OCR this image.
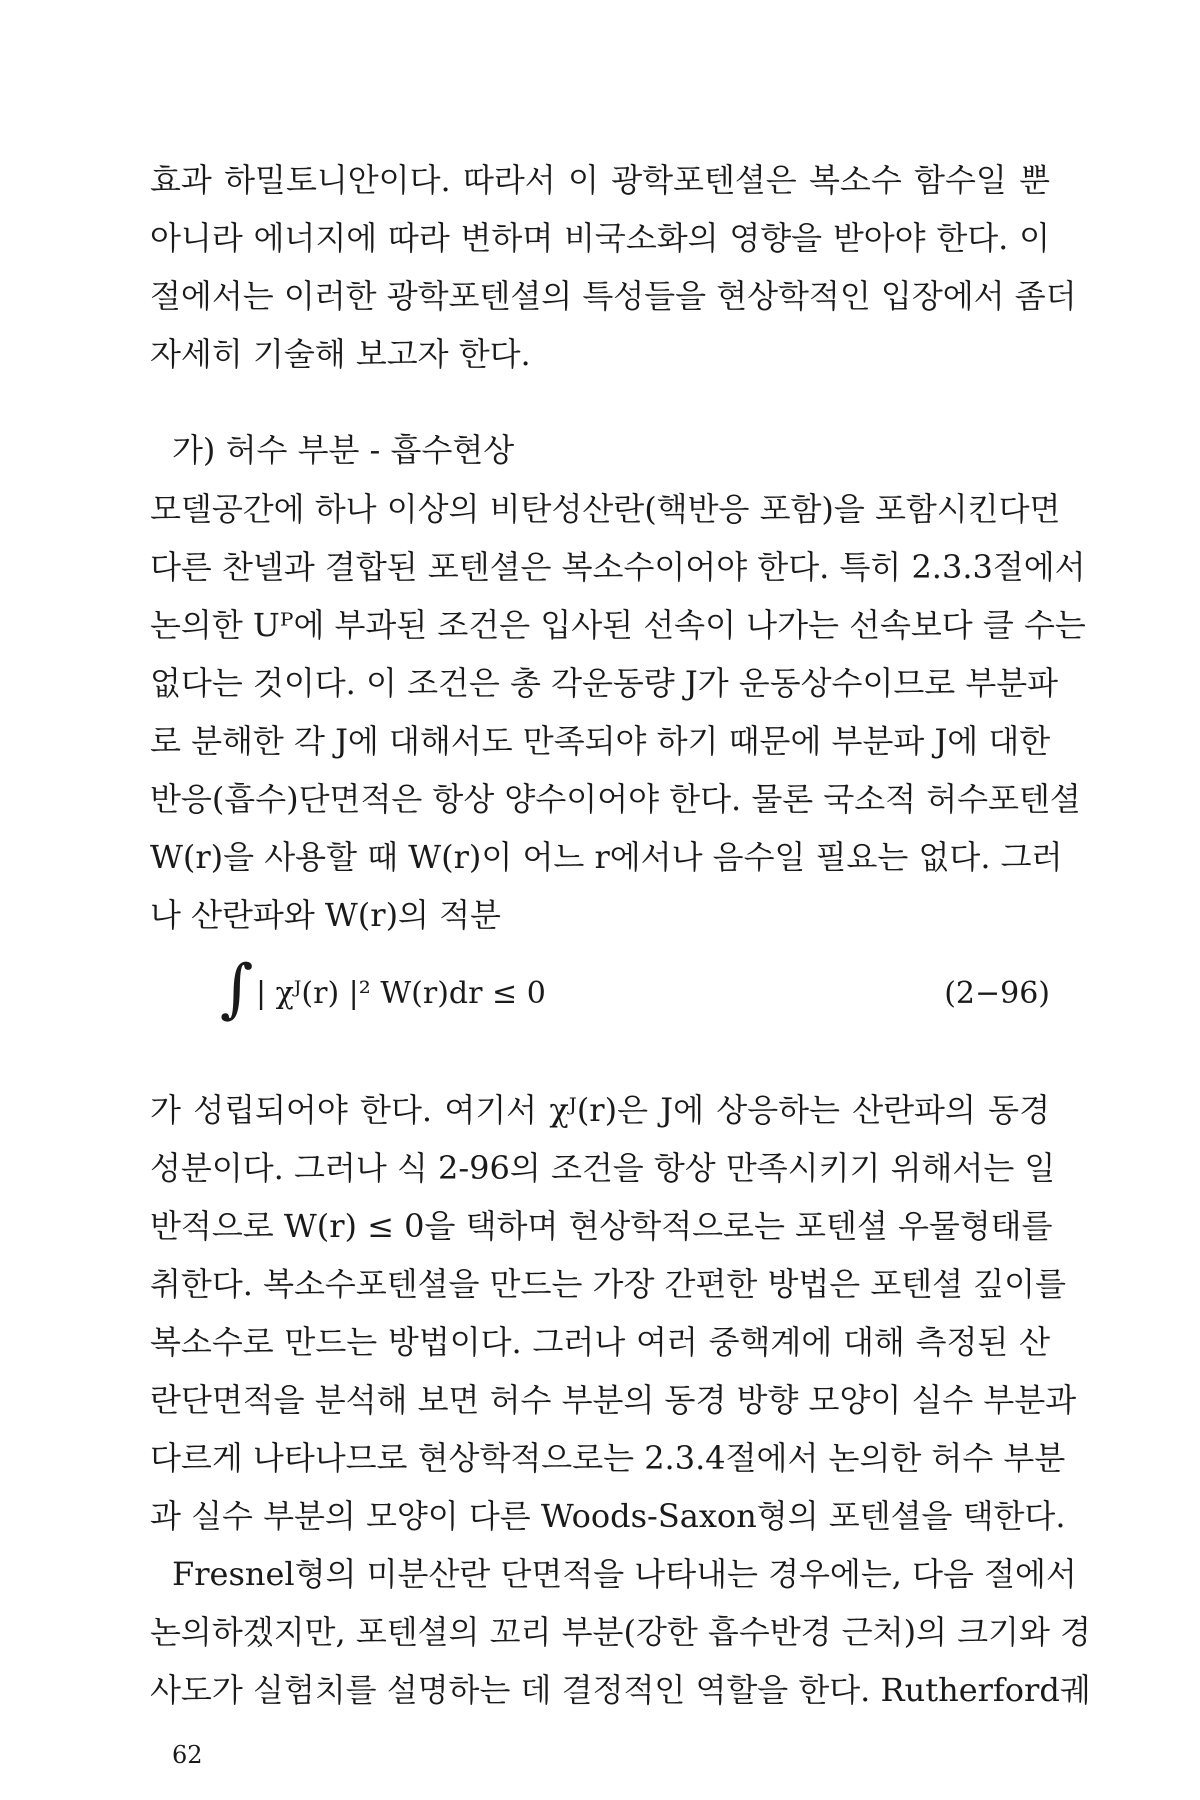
효과 하밀토니안이다. 따라서 이 광학포텐셜은 복소수 함수일 뿐
아니라 에너지에 따라 변하며 비국소화의 영향을 받아야 한다. 이
절에서는 이러한 광학포텐셜의 특성들을 현상학적인 입장에서 좀더
자세히 기술해 보고자 한다.
가) 허수 부분 - 흡수현상
모델공간에 하나 이상의 비탄성산란(핵반응 포함)을 포함시킨다면
다른 찬넬과 결합된 포텐셜은 복소수이어야 한다. 특히 2.3.3절에서
논의한 Uᴾ에 부과된 조건은 입사된 선속이 나가는 선속보다 클 수는
없다는 것이다. 이 조건은 총 각운동량 J가 운동상수이므로 부분파
로 분해한 각 J에 대해서도 만족되야 하기 때문에 부분파 J에 대한
반응(흡수)단면적은 항상 양수이어야 한다. 물론 국소적 허수포텐셜
W(r)을 사용할 때 W(r)이 어느 r에서나 음수일 필요는 없다. 그러
나 산란파와 W(r)의 적분
∫ | χᴶ(r) |² W(r)dr ≤ 0	(2−96)
가 성립되어야 한다. 여기서 χᴶ(r)은 J에 상응하는 산란파의 동경
성분이다. 그러나 식 2-96의 조건을 항상 만족시키기 위해서는 일
반적으로 W(r) ≤ 0을 택하며 현상학적으로는 포텐셜 우물형태를
취한다. 복소수포텐셜을 만드는 가장 간편한 방법은 포텐셜 깊이를
복소수로 만드는 방법이다. 그러나 여러 중핵계에 대해 측정된 산
란단면적을 분석해 보면 허수 부분의 동경 방향 모양이 실수 부분과
다르게 나타나므로 현상학적으로는 2.3.4절에서 논의한 허수 부분
과 실수 부분의 모양이 다른 Woods-Saxon형의 포텐셜을 택한다.
Fresnel형의 미분산란 단면적을 나타내는 경우에는, 다음 절에서
논의하겠지만, 포텐셜의 꼬리 부분(강한 흡수반경 근처)의 크기와 경
사도가 실험치를 설명하는 데 결정적인 역할을 한다. Rutherford궤
62
